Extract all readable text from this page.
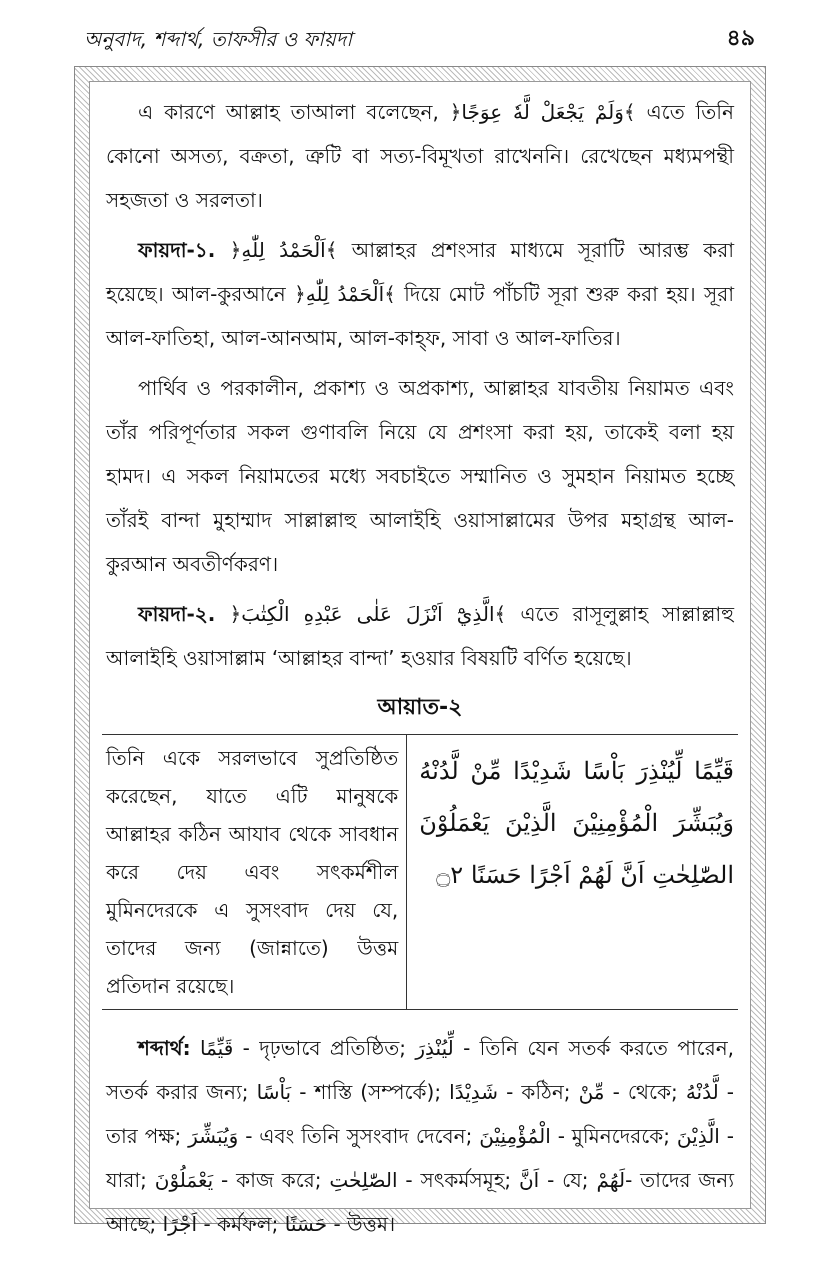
অনুবাদ, শব্দার্থ, তাফসীর ও ফায়দা	৪৯

এ কারণে আল্লাহ তাআলা বলেছেন, ﴿وَلَمْ يَجْعَلْ لَّهٗ عِوَجًا﴾ এতে তিনি কোনো অসত্য, বক্রতা, ত্রুটি বা সত্য-বিমূখতা রাখেননি। রেখেছেন মধ্যমপন্থী সহজতা ও সরলতা।

ফায়দা-১. ﴿اَلْحَمْدُ لِلّٰهِ﴾ আল্লাহর প্রশংসার মাধ্যমে সূরাটি আরম্ভ করা হয়েছে। আল-কুরআনে ﴿اَلْحَمْدُ لِلّٰهِ﴾ দিয়ে মোট পাঁচটি সূরা শুরু করা হয়। সূরা আল-ফাতিহা, আল-আনআম, আল-কাহ্ফ, সাবা ও আল-ফাতির।

পার্থিব ও পরকালীন, প্রকাশ্য ও অপ্রকাশ্য, আল্লাহর যাবতীয় নিয়ামত এবং তাঁর পরিপূর্ণতার সকল গুণাবলি নিয়ে যে প্রশংসা করা হয়, তাকেই বলা হয় হামদ। এ সকল নিয়ামতের মধ্যে সবচাইতে সম্মানিত ও সুমহান নিয়ামত হচ্ছে তাঁরই বান্দা মুহাম্মাদ সাল্লাল্লাহু আলাইহি ওয়াসাল্লামের উপর মহাগ্রন্থ আল-কুরআন অবতীর্ণকরণ।

ফায়দা-২. ﴿الَّذِيْٓ اَنْزَلَ عَلٰى عَبْدِهِ الْكِتٰبَ﴾ এতে রাসূলুল্লাহ সাল্লাল্লাহু আলাইহি ওয়াসাল্লাম ‘আল্লাহর বান্দা’ হওয়ার বিষয়টি বর্ণিত হয়েছে।

আয়াত-২
তিনি একে সরলভাবে সুপ্রতিষ্ঠিত করেছেন, যাতে এটি মানুষকে আল্লাহর কঠিন আযাব থেকে সাবধান করে দেয় এবং সৎকর্মশীল মুমিনদেরকে এ সুসংবাদ দেয় যে, তাদের জন্য (জান্নাতে) উত্তম প্রতিদান রয়েছে।
قَيِّمًا لِّيُنْذِرَ بَاْسًا شَدِيْدًا مِّنْ لَّدُنْهُ وَيُبَشِّرَ الْمُؤْمِنِيْنَ الَّذِيْنَ يَعْمَلُوْنَ الصّٰلِحٰتِ اَنَّ لَهُمْ اَجْرًا حَسَنًا ۝٢

শব্দার্থ: قَيِّمًا - দৃঢ়ভাবে প্রতিষ্ঠিত; لِّيُنْذِرَ - তিনি যেন সতর্ক করতে পারেন, সতর্ক করার জন্য; بَاْسًا - শাস্তি (সম্পর্কে); شَدِيْدًا - কঠিন; مِّنْ - থেকে; لَّدُنْهُ - তার পক্ষ; وَيُبَشِّرَ - এবং তিনি সুসংবাদ দেবেন; الْمُؤْمِنِيْنَ - মুমিনদেরকে; الَّذِيْنَ - যারা; يَعْمَلُوْنَ - কাজ করে; الصّٰلِحٰتِ - সৎকর্মসমূহ; اَنَّ - যে; لَهُمْ- তাদের জন্য আছে; اَجْرًا - কর্মফল; حَسَنًا - উত্তম।
